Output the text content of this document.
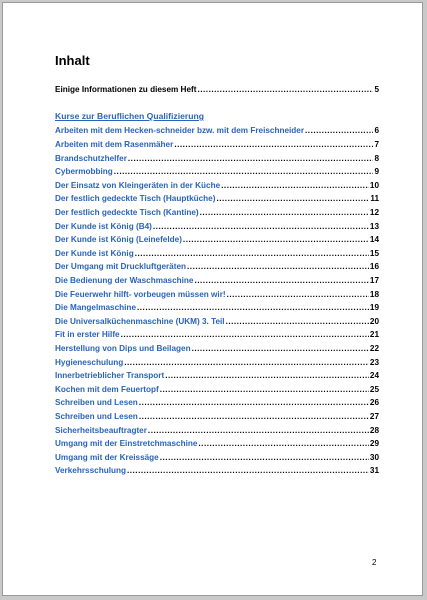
Inhalt
Einige Informationen zu diesem Heft .....	5
Kurse zur Beruflichen Qualifizierung
Arbeiten mit dem Hecken-schneider bzw. mit dem Freischneider .....	6
Arbeiten mit dem Rasenmäher .....	7
Brandschutzhelfer .....	8
Cybermobbing .....	9
Der Einsatz von Kleingeräten in der Küche .....	10
Der festlich gedeckte Tisch (Hauptküche) .....	11
Der festlich gedeckte Tisch (Kantine) .....	12
Der Kunde ist König (B4) .....	13
Der Kunde ist König (Leinefelde) .....	14
Der Kunde ist König .....	15
Der Umgang mit Druckluftgeräten .....	16
Die Bedienung der Waschmaschine .....	17
Die Feuerwehr hilft- vorbeugen müssen wir! .....	18
Die Mangelmaschine .....	19
Die Universalküchenmaschine (UKM) 3. Teil .....	20
Fit in erster Hilfe .....	21
Herstellung von Dips und Beilagen .....	22
Hygieneschulung .....	23
Innerbetrieblicher Transport .....	24
Kochen mit dem Feuertopf .....	25
Schreiben und Lesen .....	26
Schreiben und Lesen .....	27
Sicherheitsbeauftragter .....	28
Umgang mit der Einstretchmaschine .....	29
Umgang mit der Kreissäge .....	30
Verkehrsschulung .....	31
2
